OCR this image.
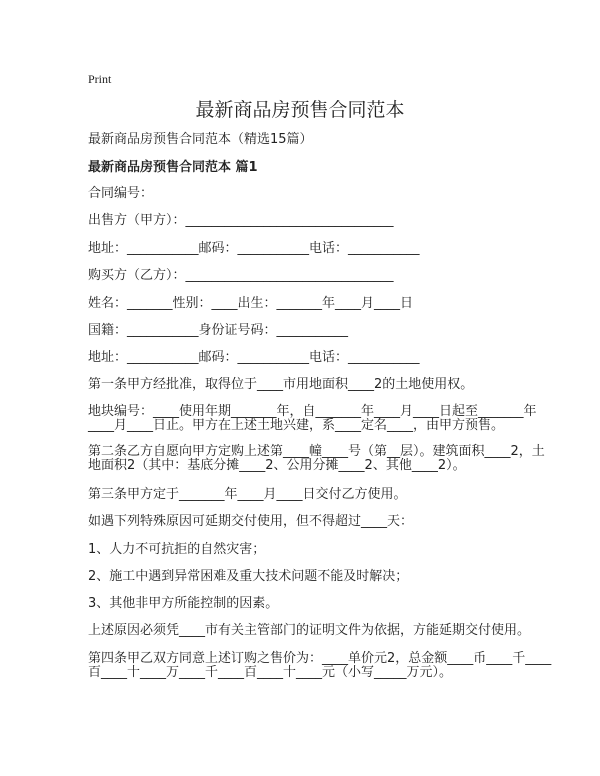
Print
最新商品房预售合同范本
最新商品房预售合同范本（精选15篇）
最新商品房预售合同范本 篇1
合同编号：
出售方（甲方）：________________________________
地址：___________邮码：___________电话：___________
购买方（乙方）：________________________________
姓名：_______性别：____出生：_______年____月____日
国籍：___________身份证号码：___________
地址：___________邮码：___________电话：___________
第一条甲方经批准，取得位于____市用地面积____2的土地使用权。
地块编号：____使用年期_______年，自_______年____月____日起至_______年
____月____日止。甲方在上述土地兴建，系____定名____，由甲方预售。
第二条乙方自愿向甲方定购上述第____幢____号（第__层）。建筑面积____2，土
地面积2（其中：基底分摊____2、公用分摊____2、其他____2）。
第三条甲方定于_______年____月____日交付乙方使用。
如遇下列特殊原因可延期交付使用，但不得超过____天：
1、人力不可抗拒的自然灾害；
2、施工中遇到异常困难及重大技术问题不能及时解决；
3、其他非甲方所能控制的因素。
上述原因必须凭____市有关主管部门的证明文件为依据，方能延期交付使用。
第四条甲乙双方同意上述订购之售价为：____单价元2，总金额____币____千____
百____十____万____千____百____十____元（小写_____万元）。
